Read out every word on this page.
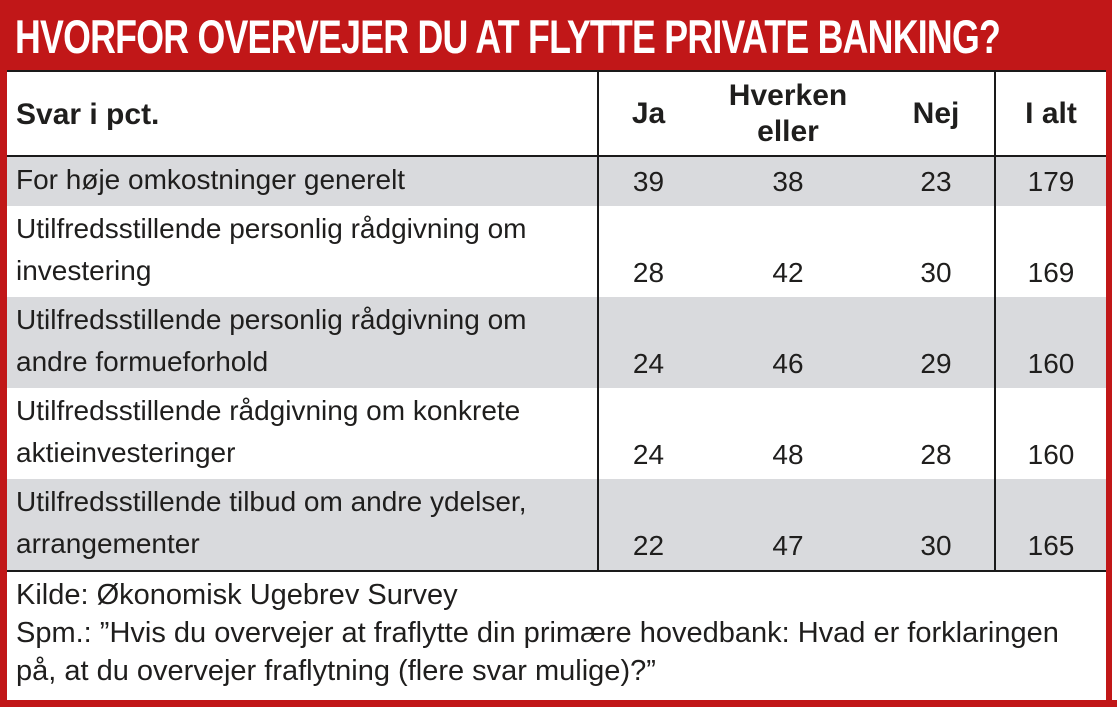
HVORFOR OVERVEJER DU AT FLYTTE PRIVATE BANKING?
Svar i pct.	Ja	Hverken eller	Nej	I alt
For høje omkostninger generelt	39	38	23	179
Utilfredsstillende personlig rådgivning om investering	28	42	30	169
Utilfredsstillende personlig rådgivning om andre formueforhold	24	46	29	160
Utilfredsstillende rådgivning om konkrete aktieinvesteringer	24	48	28	160
Utilfredsstillende tilbud om andre ydelser, arrangementer	22	47	30	165

Kilde: Økonomisk Ugebrev Survey
Spm.: ”Hvis du overvejer at fraflytte din primære hovedbank: Hvad er forklaringen på, at du overvejer fraflytning (flere svar mulige)?”				
